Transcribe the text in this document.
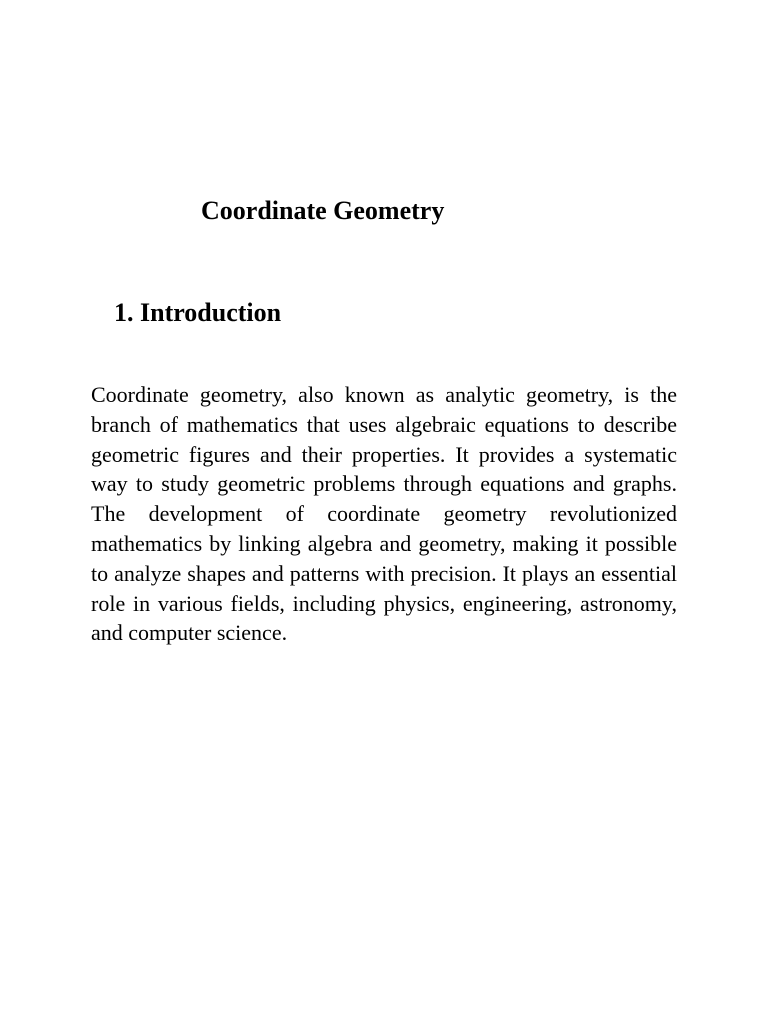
Coordinate Geometry
1. Introduction

Coordinate geometry, also known as analytic geometry, is the branch of mathematics that uses algebraic equations to describe geometric figures and their properties. It provides a systematic way to study geometric problems through equations and graphs. The development of coordinate geometry revolutionized mathematics by linking algebra and geometry, making it possible to analyze shapes and patterns with precision. It plays an essential role in various fields, including physics, engineering, astronomy, and computer science.
